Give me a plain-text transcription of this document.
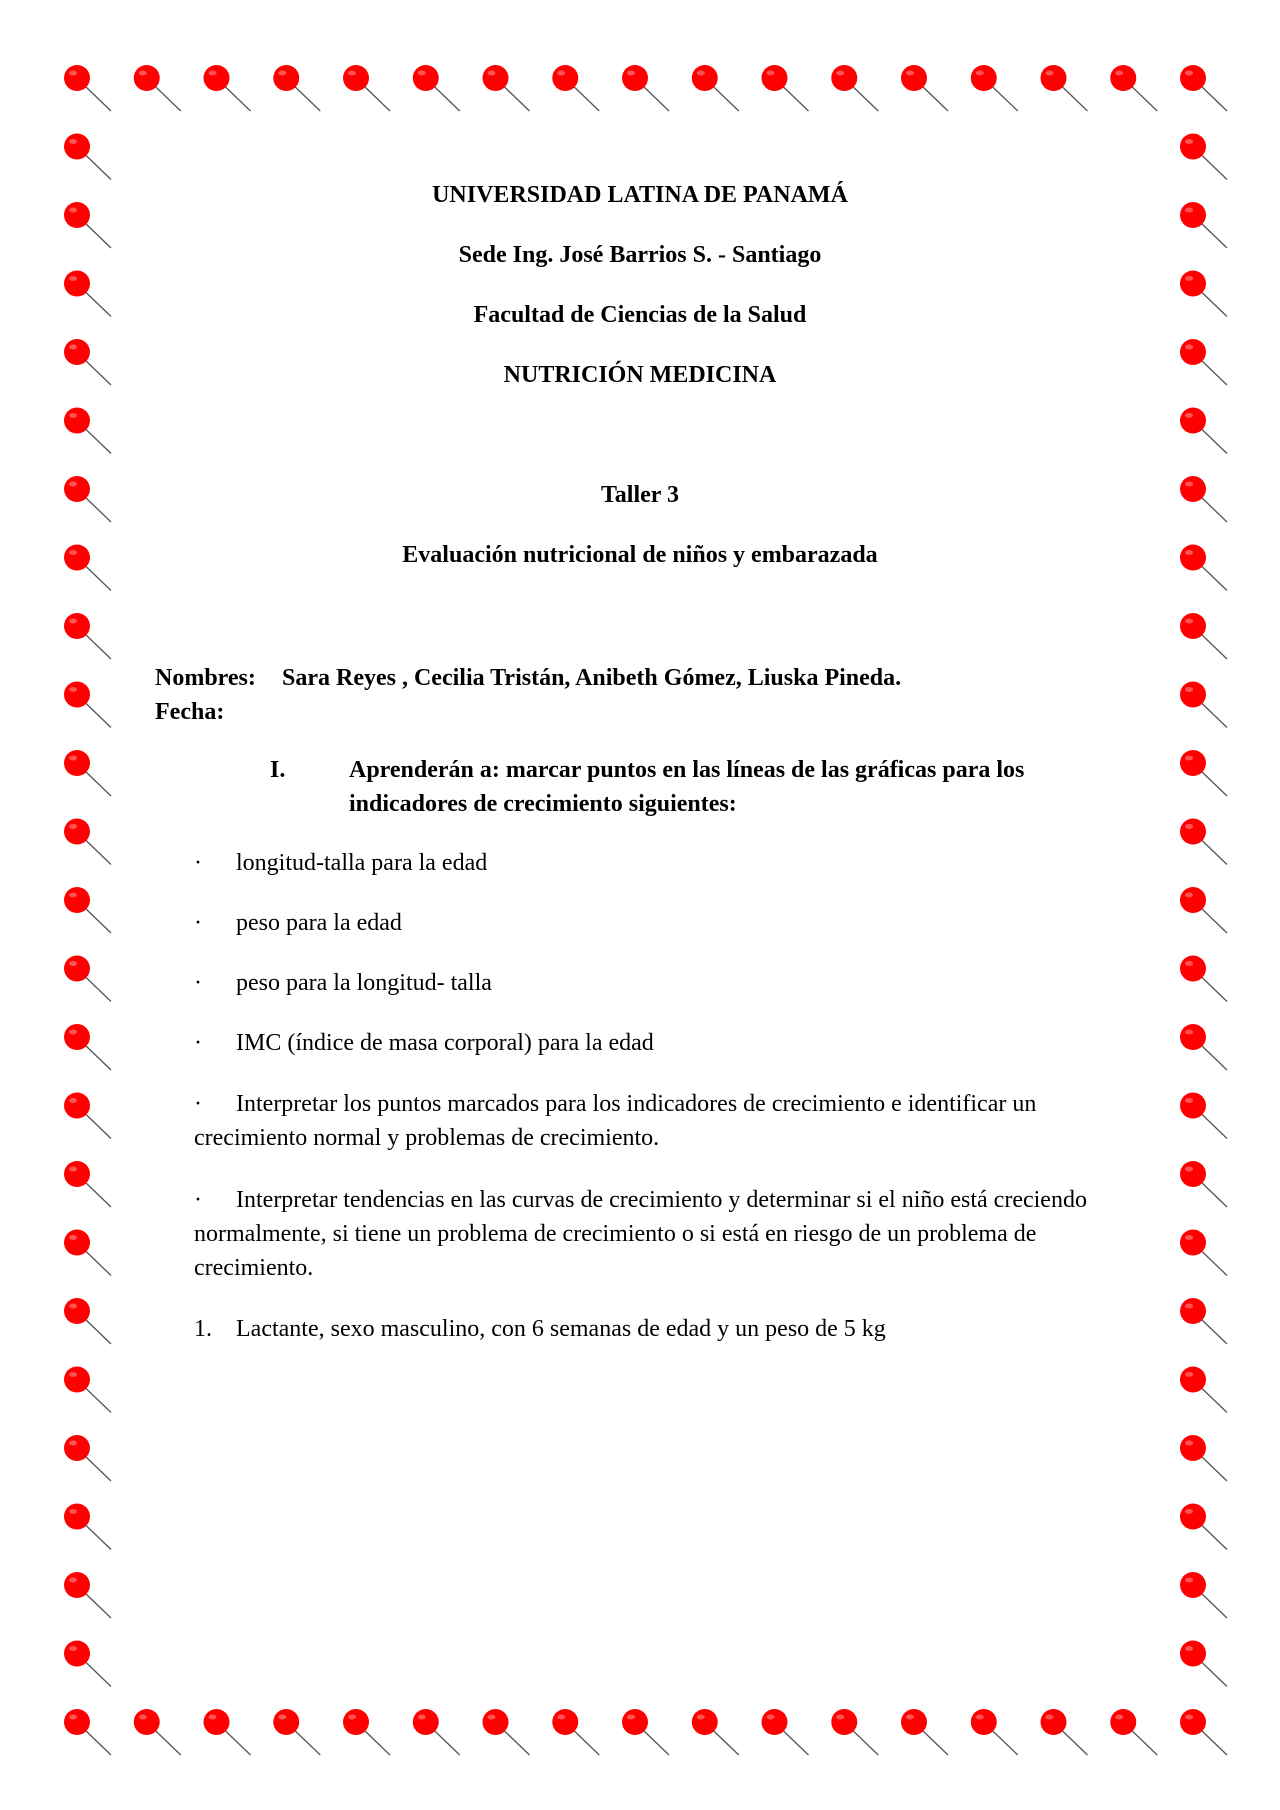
UNIVERSIDAD LATINA DE PANAMÁ
Sede Ing. José Barrios S. - Santiago
Facultad de Ciencias de la Salud
NUTRICIÓN MEDICINA
Taller 3
Evaluación nutricional de niños y embarazada
Nombres: Sara Reyes , Cecilia Tristán, Anibeth Gómez, Liuska Pineda.
Fecha:
I.	Aprenderán a: marcar puntos en las líneas de las gráficas para los
indicadores de crecimiento siguientes:
·	longitud-talla para la edad
·	peso para la edad
·	peso para la longitud- talla
·	IMC (índice de masa corporal) para la edad
·	Interpretar los puntos marcados para los indicadores de crecimiento e identificar un crecimiento normal y problemas de crecimiento.
·	Interpretar tendencias en las curvas de crecimiento y determinar si el niño está creciendo normalmente, si tiene un problema de crecimiento o si está en riesgo de un problema de crecimiento.
1. Lactante, sexo masculino, con 6 semanas de edad y un peso de 5 kg
